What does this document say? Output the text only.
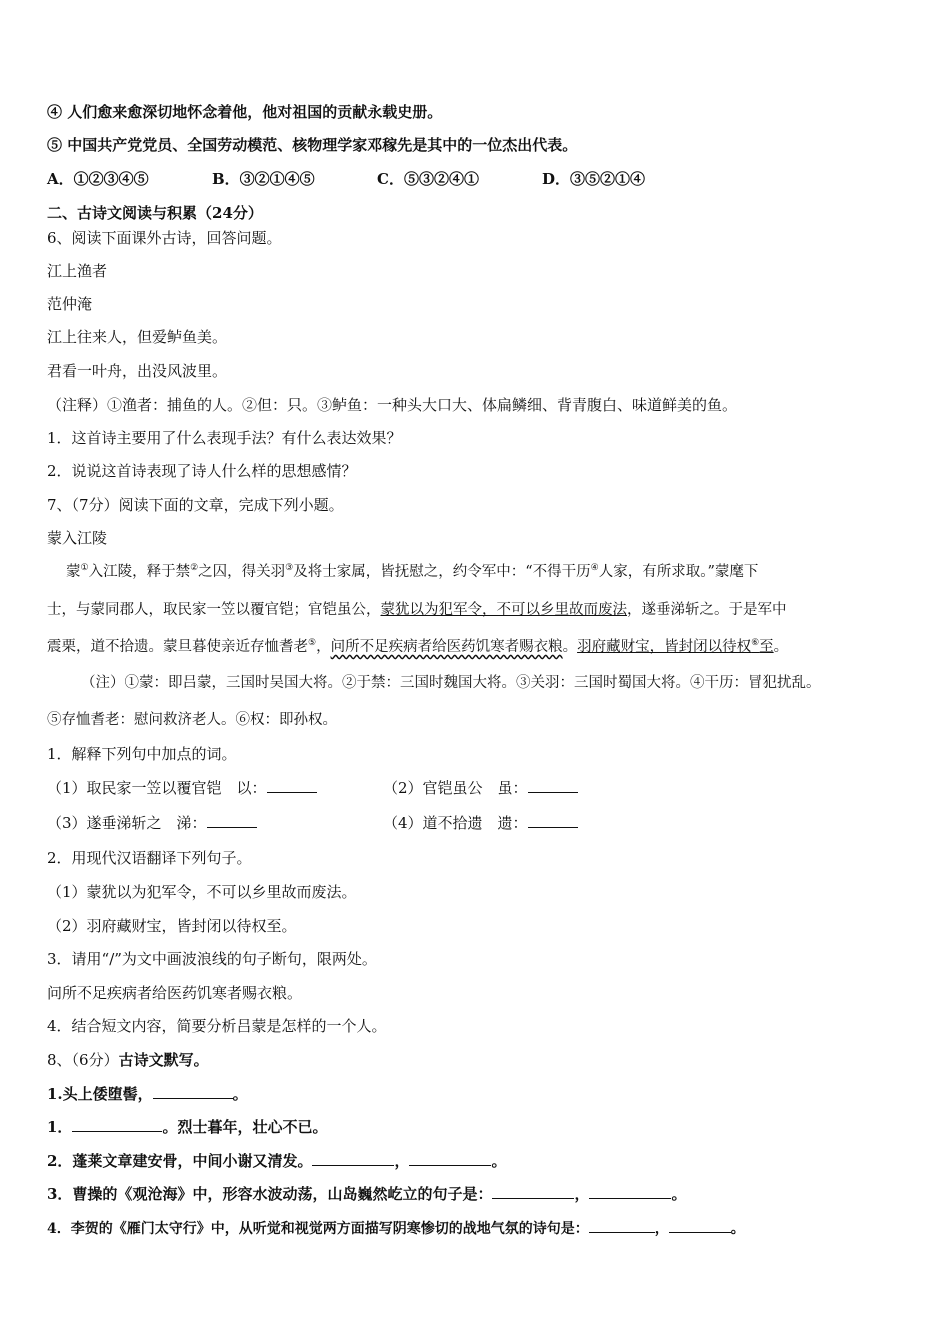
④ 人们愈来愈深切地怀念着他，他对祖国的贡献永载史册。
⑤ 中国共产党党员、全国劳动模范、核物理学家邓稼先是其中的一位杰出代表。
A．①②③④⑤	B．③②①④⑤	C．⑤③②④①	D．③⑤②①④
二、古诗文阅读与积累（24分）
6、阅读下面课外古诗，回答问题。
江上渔者
范仲淹
江上往来人，但爱鲈鱼美。
君看一叶舟，出没风波里。
（注释）①渔者：捕鱼的人。②但：只。③鲈鱼：一种头大口大、体扁鳞细、背青腹白、味道鲜美的鱼。
1．这首诗主要用了什么表现手法？有什么表达效果？
2．说说这首诗表现了诗人什么样的思想感情？
7、（7分）阅读下面的文章，完成下列小题。
蒙入江陵
蒙①入江陵，释于禁②之囚，得关羽③及将士家属，皆抚慰之，约令军中：“不得干历④人家，有所求取。”蒙麾下
士，与蒙同郡人，取民家一笠以覆官铠；官铠虽公，蒙犹以为犯军令，不可以乡里故而废法，遂垂涕斩之。于是军中
震栗，道不拾遗。蒙旦暮使亲近存恤耆老⑤，问所不足疾病者给医药饥寒者赐衣粮。羽府藏财宝，皆封闭以待权⑥至。
（注）①蒙：即吕蒙，三国时吴国大将。②于禁：三国时魏国大将。③关羽：三国时蜀国大将。④干历：冒犯扰乱。
⑤存恤耆老：慰问救济老人。⑥权：即孙权。
1．解释下列句中加点的词。
（1）取民家一笠以覆官铠　以：	（2）官铠虽公　虽：
（3）遂垂涕斩之　涕：	（4）道不拾遗　遗：
2．用现代汉语翻译下列句子。
（1）蒙犹以为犯军令，不可以乡里故而废法。
（2）羽府藏财宝，皆封闭以待权至。
3．请用“/”为文中画波浪线的句子断句，限两处。
问所不足疾病者给医药饥寒者赐衣粮。
4．结合短文内容，简要分析吕蒙是怎样的一个人。
8、（6分）古诗文默写。
1.头上倭堕髻，	。
1．	。烈士暮年，壮心不已。
2．蓬莱文章建安骨，中间小谢又清发。	，	。
3．曹操的《观沧海》中，形容水波动荡，山岛巍然屹立的句子是：	，	。
4．李贺的《雁门太守行》中，从听觉和视觉两方面描写阴寒惨切的战地气氛的诗句是：	，	。
